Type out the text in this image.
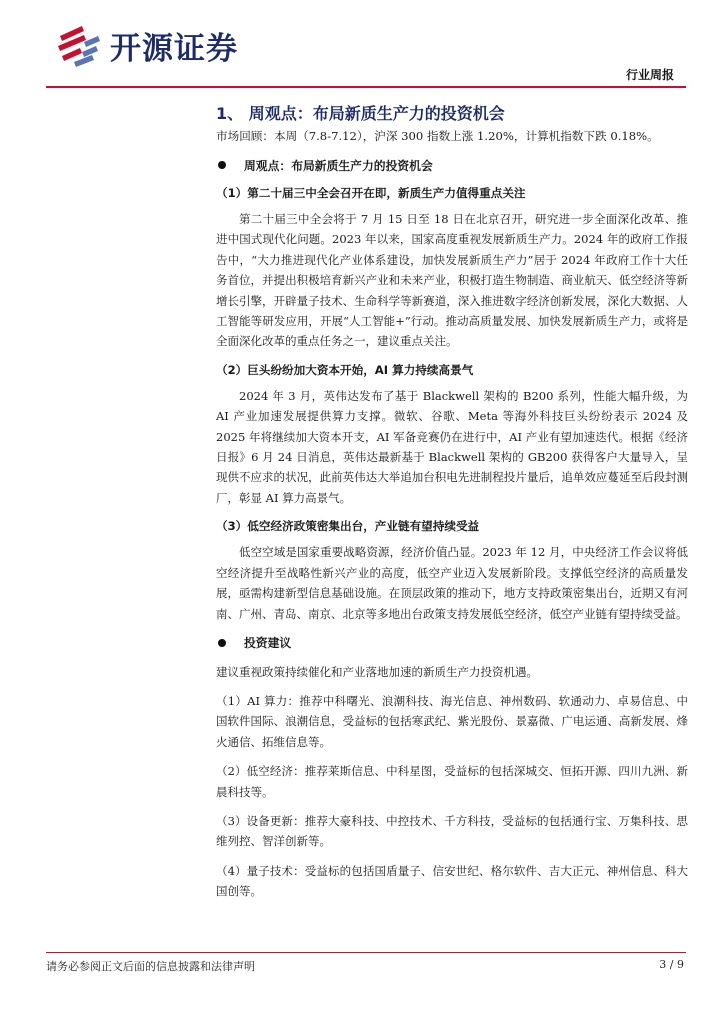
开源证券
行业周报
1、 周观点：布局新质生产力的投资机会
市场回顾：本周（7.8-7.12），沪深 300 指数上涨 1.20%，计算机指数下跌 0.18%。
周观点：布局新质生产力的投资机会
（1）第二十届三中全会召开在即，新质生产力值得重点关注
第二十届三中全会将于 7 月 15 日至 18 日在北京召开，研究进一步全面深化改革、推进中国式现代化问题。2023 年以来，国家高度重视发展新质生产力。2024 年的政府工作报告中，“大力推进现代化产业体系建设，加快发展新质生产力”居于 2024 年政府工作十大任务首位，并提出积极培育新兴产业和未来产业，积极打造生物制造、商业航天、低空经济等新增长引擎，开辟量子技术、生命科学等新赛道，深入推进数字经济创新发展，深化大数据、人工智能等研发应用，开展“人工智能+”行动。推动高质量发展、加快发展新质生产力，或将是全面深化改革的重点任务之一，建议重点关注。
（2）巨头纷纷加大资本开始，AI 算力持续高景气
2024 年 3 月，英伟达发布了基于 Blackwell 架构的 B200 系列，性能大幅升级，为 AI 产业加速发展提供算力支撑。微软、谷歌、Meta 等海外科技巨头纷纷表示 2024 及 2025 年将继续加大资本开支，AI 军备竞赛仍在进行中，AI 产业有望加速迭代。根据《经济日报》6 月 24 日消息，英伟达最新基于 Blackwell 架构的 GB200 获得客户大量导入，呈现供不应求的状况，此前英伟达大举追加台积电先进制程投片量后，追单效应蔓延至后段封测厂，彰显 AI 算力高景气。
（3）低空经济政策密集出台，产业链有望持续受益
低空空域是国家重要战略资源，经济价值凸显。2023 年 12 月，中央经济工作会议将低空经济提升至战略性新兴产业的高度，低空产业迈入发展新阶段。支撑低空经济的高质量发展，亟需构建新型信息基础设施。在顶层政策的推动下，地方支持政策密集出台，近期又有河南、广州、青岛、南京、北京等多地出台政策支持发展低空经济，低空产业链有望持续受益。
投资建议
建议重视政策持续催化和产业落地加速的新质生产力投资机遇。
（1）AI 算力：推荐中科曙光、浪潮科技、海光信息、神州数码、软通动力、卓易信息、中国软件国际、浪潮信息，受益标的包括寒武纪、紫光股份、景嘉微、广电运通、高新发展、烽火通信、拓维信息等。
（2）低空经济：推荐莱斯信息、中科星图，受益标的包括深城交、恒拓开源、四川九洲、新晨科技等。
（3）设备更新：推荐大豪科技、中控技术、千方科技，受益标的包括通行宝、万集科技、思维列控、智洋创新等。
（4）量子技术：受益标的包括国盾量子、信安世纪、格尔软件、吉大正元、神州信息、科大国创等。
请务必参阅正文后面的信息披露和法律声明	3 / 9
